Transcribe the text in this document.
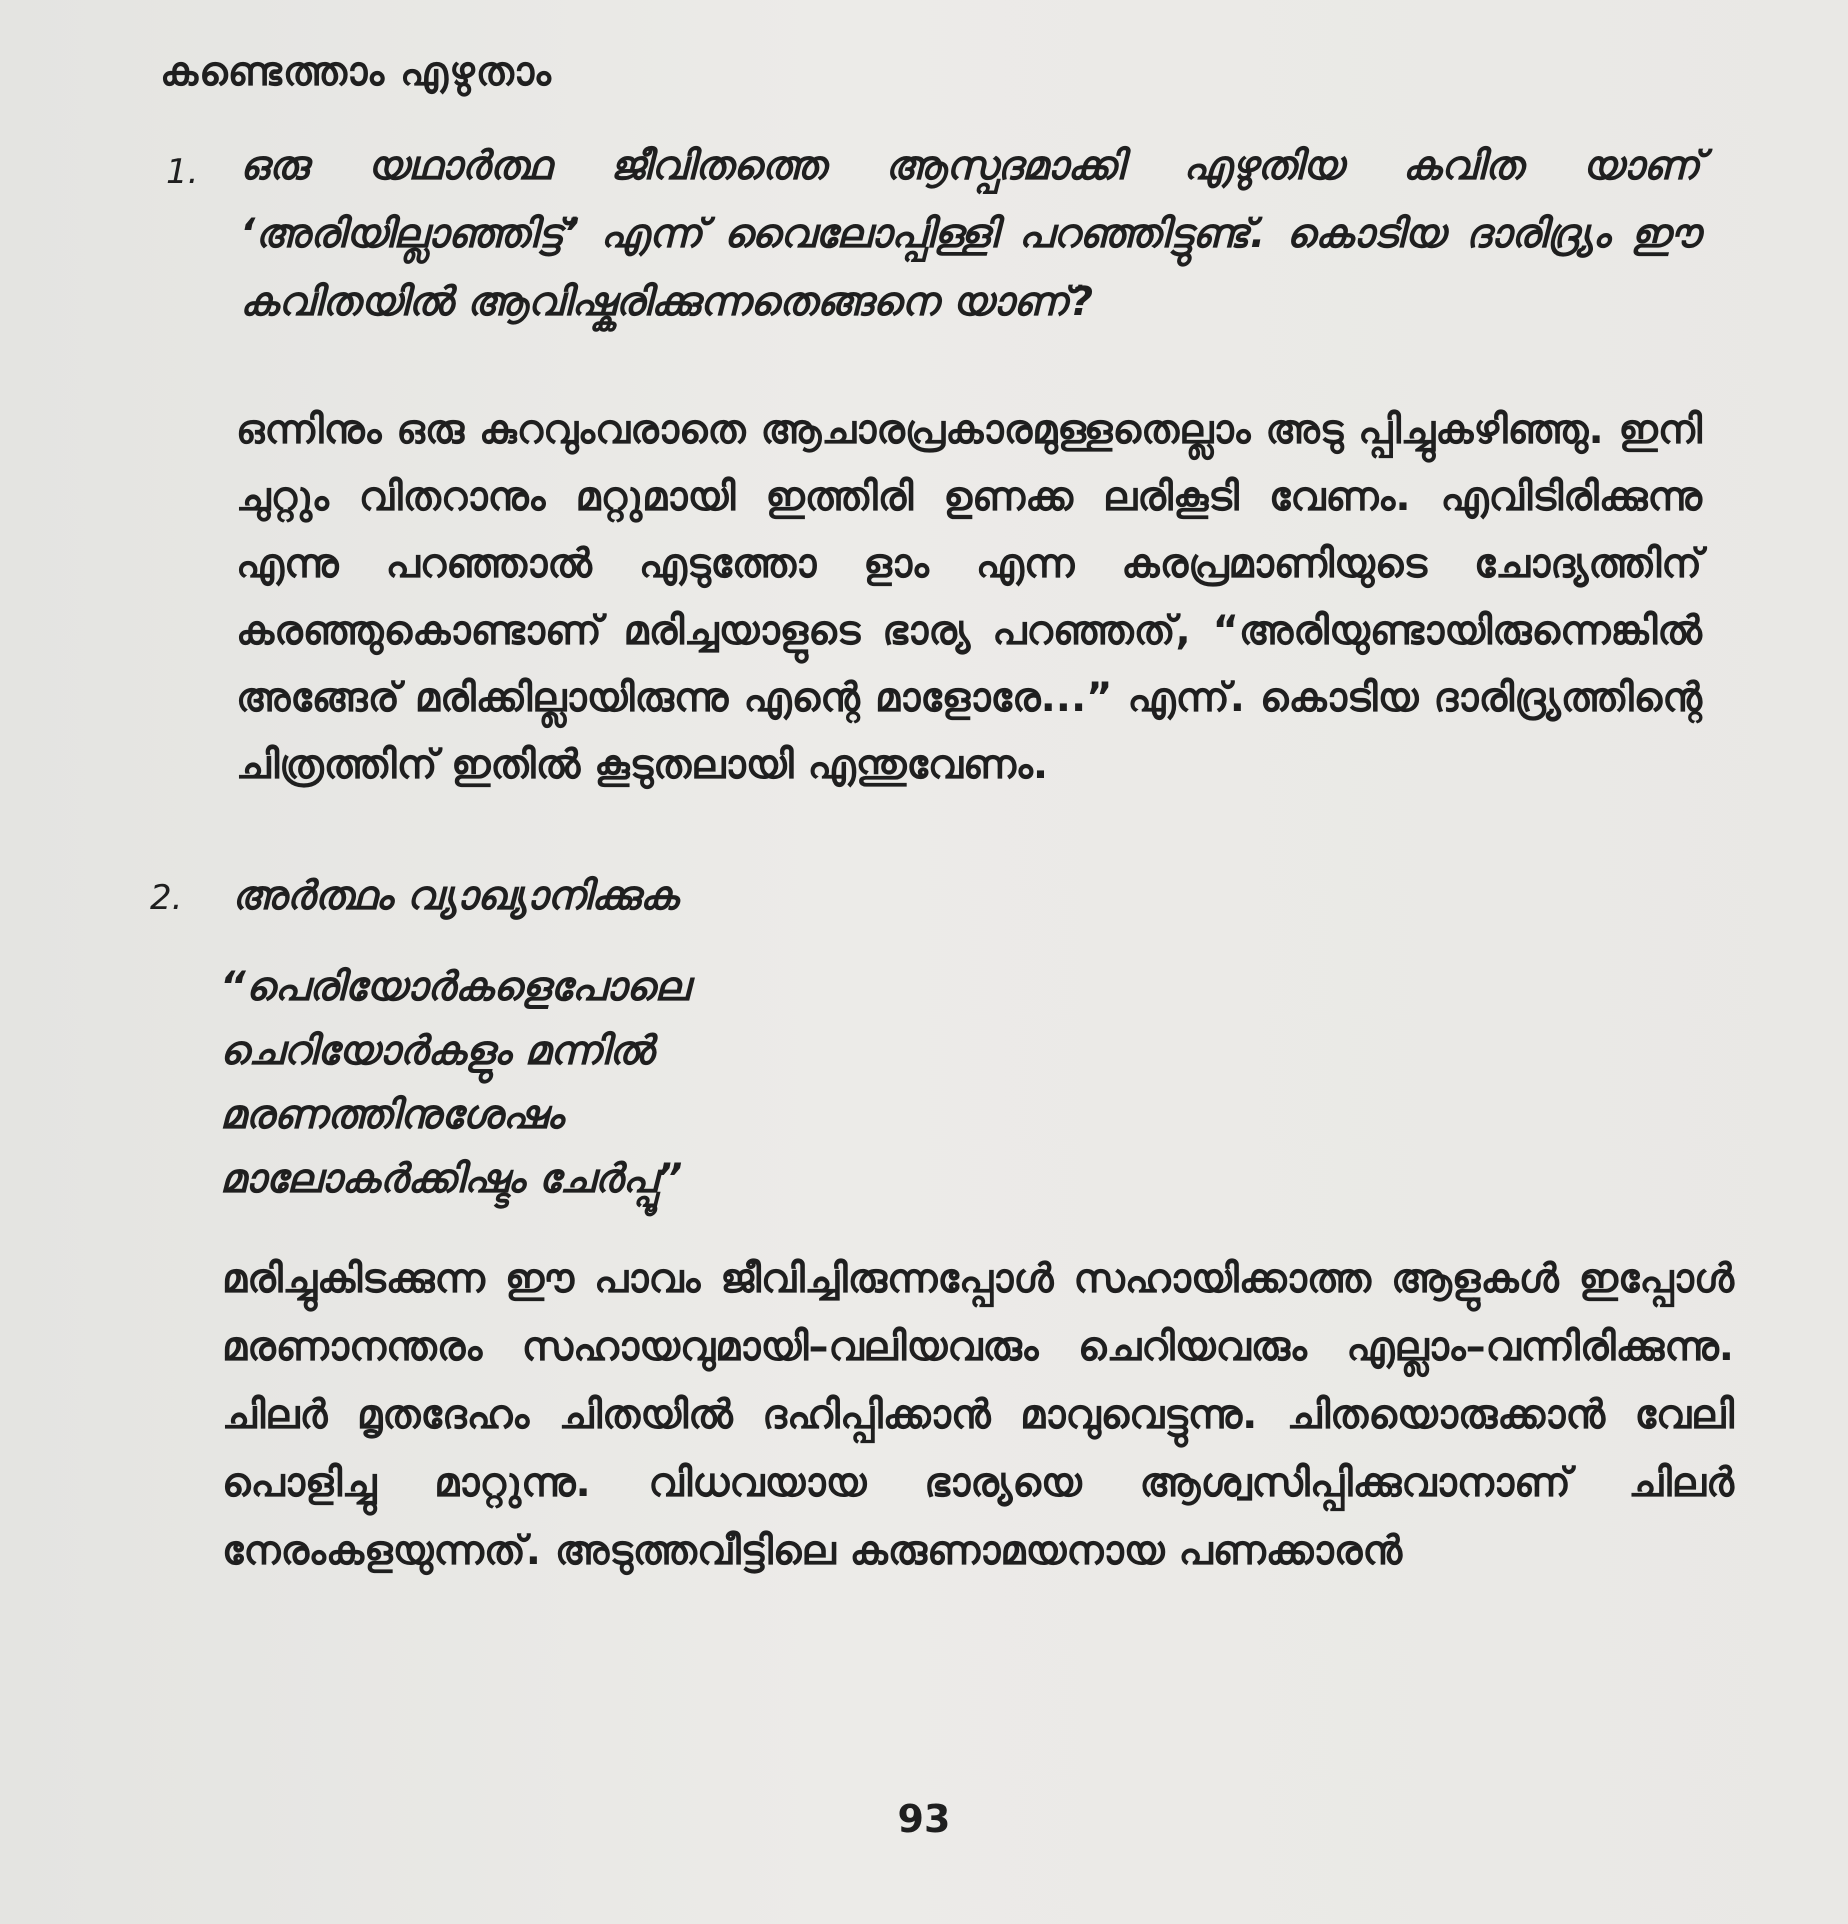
കണ്ടെത്താം എഴുതാം
1. ഒരു യഥാർത്ഥ ജീവിതത്തെ ആസ്പദമാക്കി എഴുതിയ കവിത യാണ് ‘അരിയില്ലാഞ്ഞിട്ട്’ എന്ന് വൈലോപ്പിള്ളി പറഞ്ഞിട്ടുണ്ട്. കൊടിയ ദാരിദ്ര്യം ഈ കവിതയിൽ ആവിഷ്കരിക്കുന്നതെങ്ങനെ യാണ്?
ഒന്നിനും ഒരു കുറവുംവരാതെ ആചാരപ്രകാരമുള്ളതെല്ലാം അടു പ്പിച്ചുകഴിഞ്ഞു. ഇനി ചുറ്റും വിതറാനും മറ്റുമായി ഇത്തിരി ഉണക്ക ലരികൂടി വേണം. എവിടിരിക്കുന്നു എന്നു പറഞ്ഞാൽ എടുത്തോ ളാം എന്ന കരപ്രമാണിയുടെ ചോദ്യത്തിന് കരഞ്ഞുകൊണ്ടാണ് മരിച്ചയാളുടെ ഭാര്യ പറഞ്ഞത്, “അരിയുണ്ടായിരുന്നെങ്കിൽ അങ്ങേര് മരിക്കില്ലായിരുന്നു എന്റെ മാളോരേ...” എന്ന്. കൊടിയ ദാരിദ്ര്യത്തിന്റെ ചിത്രത്തിന് ഇതിൽ കൂടുതലായി എന്തുവേണം.
2. അർത്ഥം വ്യാഖ്യാനിക്കുക
“പെരിയോർകളെപോലെ
ചെറിയോർകളും മന്നിൽ
മരണത്തിനുശേഷം
മാലോകർക്കിഷ്ടം ചേർപ്പൂ”
മരിച്ചുകിടക്കുന്ന ഈ പാവം ജീവിച്ചിരുന്നപ്പോൾ സഹായിക്കാത്ത ആളുകൾ ഇപ്പോൾ മരണാനന്തരം സഹായവുമായി–വലിയവരും ചെറിയവരും എല്ലാം–വന്നിരിക്കുന്നു. ചിലർ മൃതദേഹം ചിതയിൽ ദഹിപ്പിക്കാൻ മാവുവെട്ടുന്നു. ചിതയൊരുക്കാൻ വേലി പൊളിച്ചു മാറ്റുന്നു. വിധവയായ ഭാര്യയെ ആശ്വസിപ്പിക്കുവാനാണ് ചിലർ നേരംകളയുന്നത്. അടുത്തവീട്ടിലെ കരുണാമയനായ പണക്കാരൻ
93
